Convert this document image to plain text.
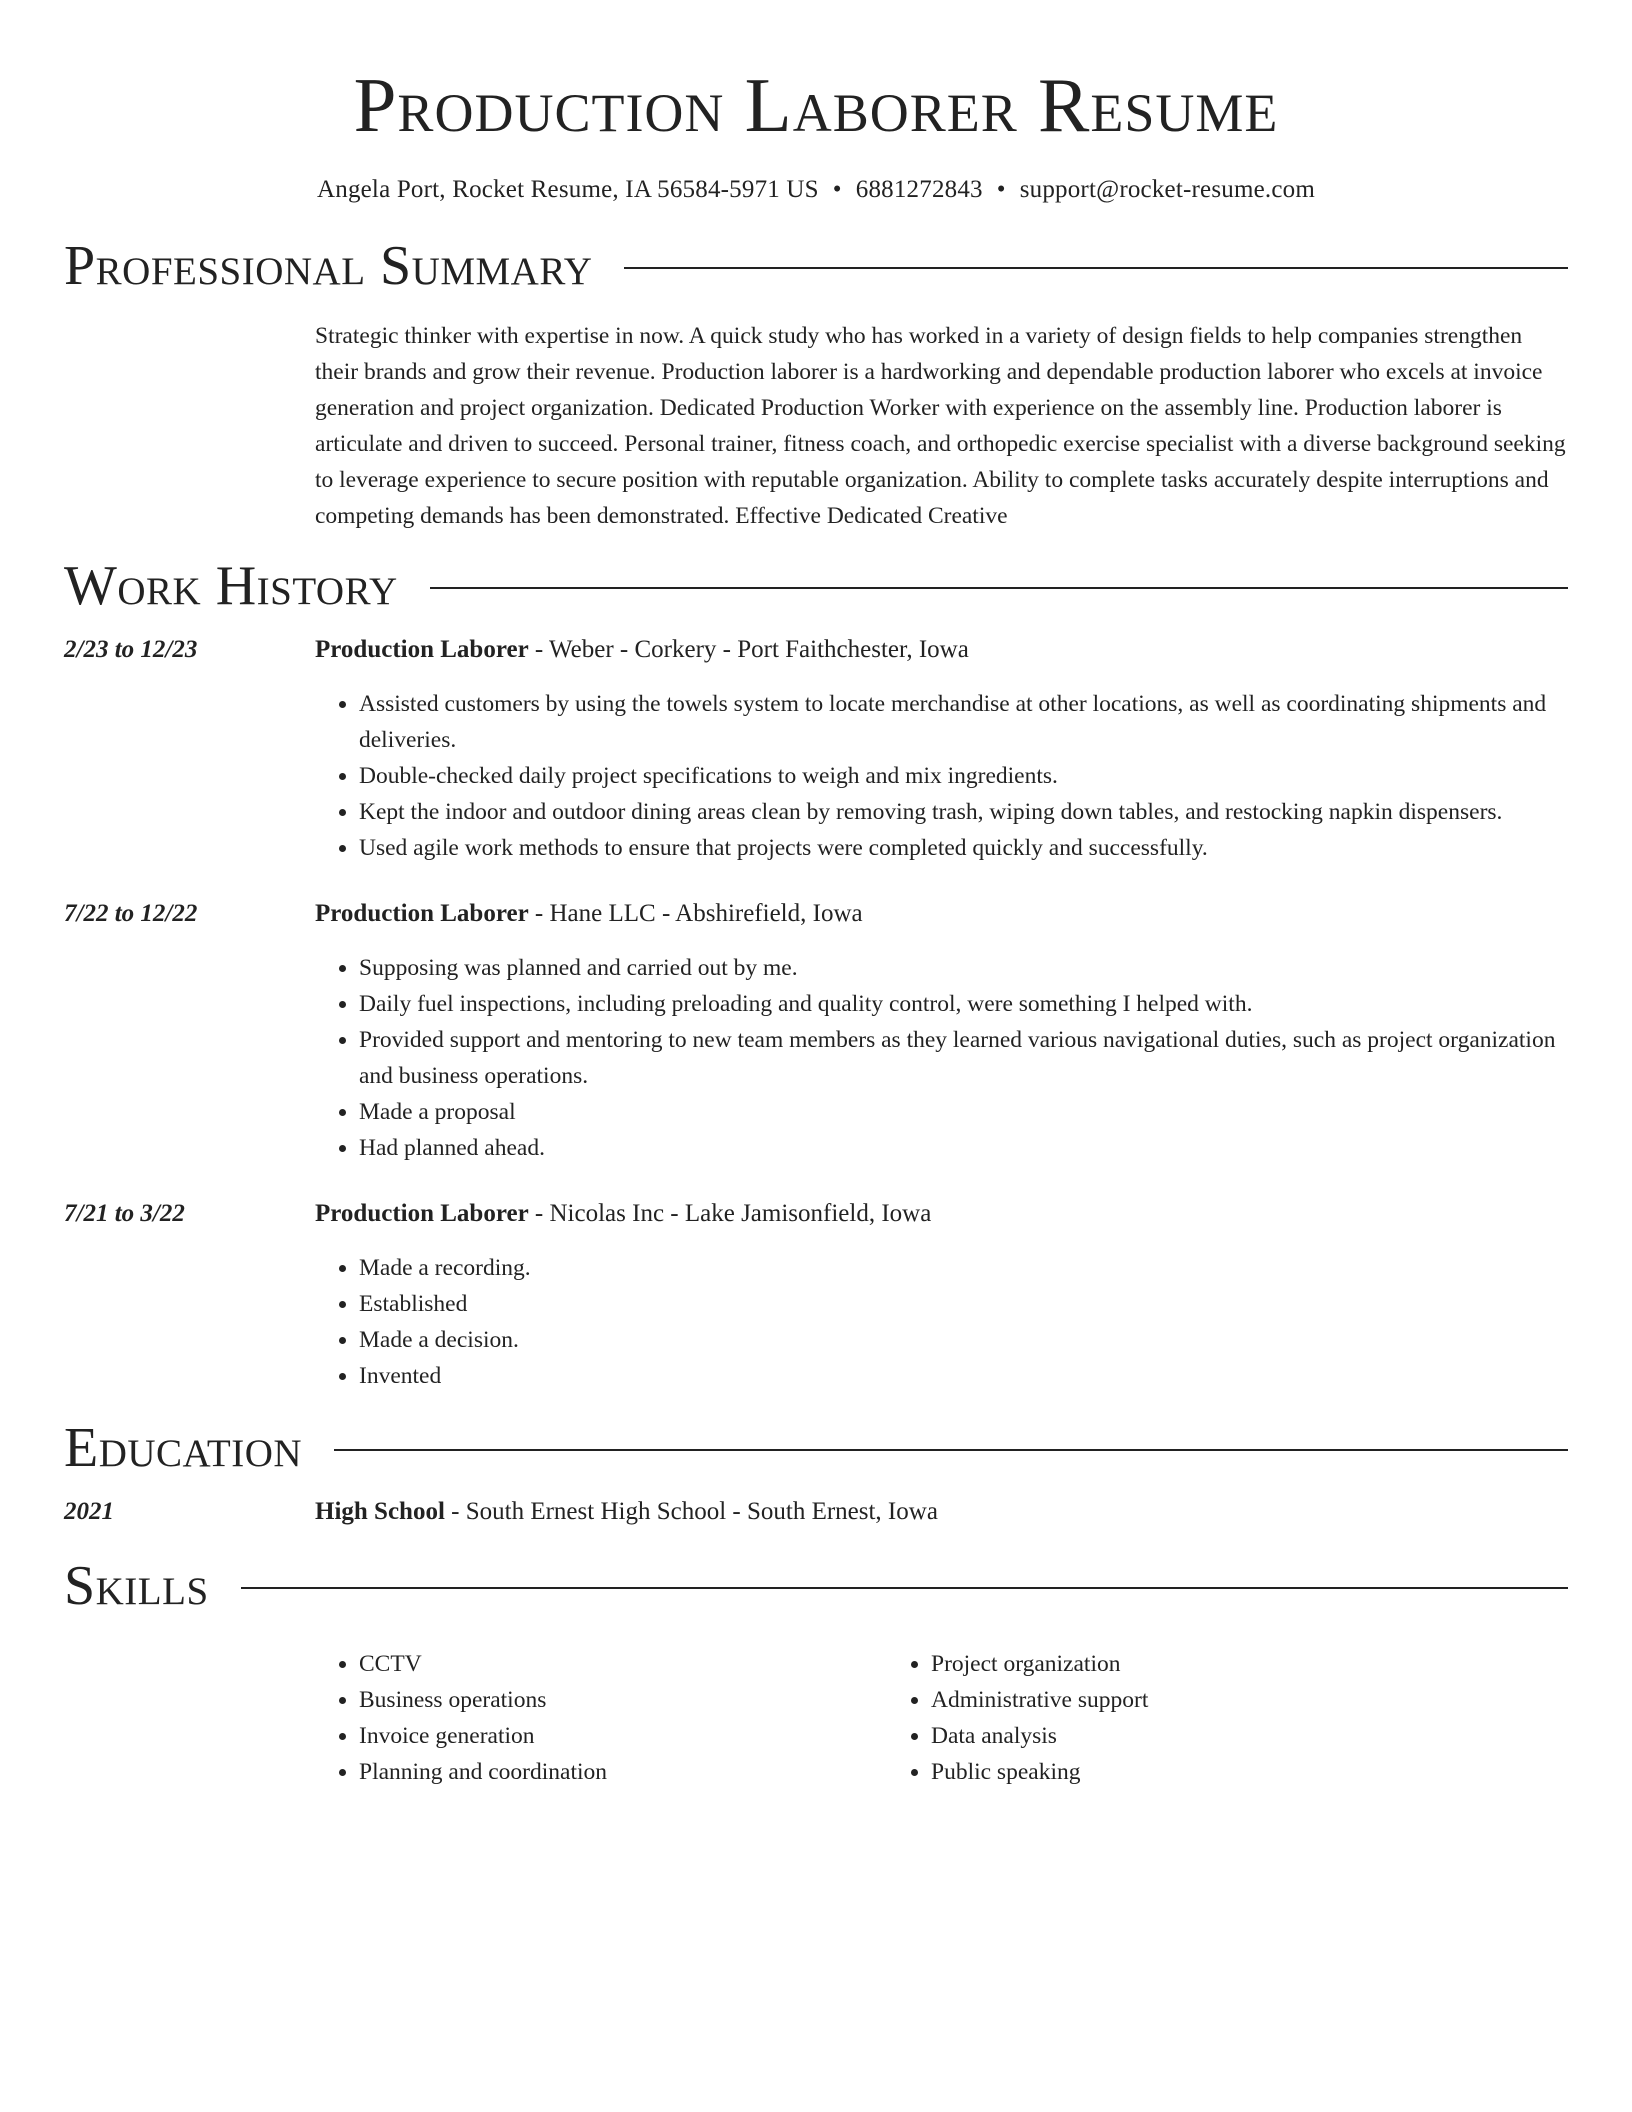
Production Laborer Resume
Angela Port, Rocket Resume, IA 56584-5971 US • 6881272843 • support@rocket-resume.com
Professional Summary
Strategic thinker with expertise in now. A quick study who has worked in a variety of design fields to help companies strengthen their brands and grow their revenue. Production laborer is a hardworking and dependable production laborer who excels at invoice generation and project organization. Dedicated Production Worker with experience on the assembly line. Production laborer is articulate and driven to succeed. Personal trainer, fitness coach, and orthopedic exercise specialist with a diverse background seeking to leverage experience to secure position with reputable organization. Ability to complete tasks accurately despite interruptions and competing demands has been demonstrated. Effective Dedicated Creative
Work History
2/23 to 12/23	Production Laborer - Weber - Corkery - Port Faithchester, Iowa
• Assisted customers by using the towels system to locate merchandise at other locations, as well as coordinating shipments and deliveries.
• Double-checked daily project specifications to weigh and mix ingredients.
• Kept the indoor and outdoor dining areas clean by removing trash, wiping down tables, and restocking napkin dispensers.
• Used agile work methods to ensure that projects were completed quickly and successfully.
7/22 to 12/22	Production Laborer - Hane LLC - Abshirefield, Iowa
• Supposing was planned and carried out by me.
• Daily fuel inspections, including preloading and quality control, were something I helped with.
• Provided support and mentoring to new team members as they learned various navigational duties, such as project organization and business operations.
• Made a proposal
• Had planned ahead.
7/21 to 3/22	Production Laborer - Nicolas Inc - Lake Jamisonfield, Iowa
• Made a recording.
• Established
• Made a decision.
• Invented
Education
2021	High School - South Ernest High School - South Ernest, Iowa
Skills
• CCTV
• Business operations
• Invoice generation
• Planning and coordination
• Project organization
• Administrative support
• Data analysis
• Public speaking
